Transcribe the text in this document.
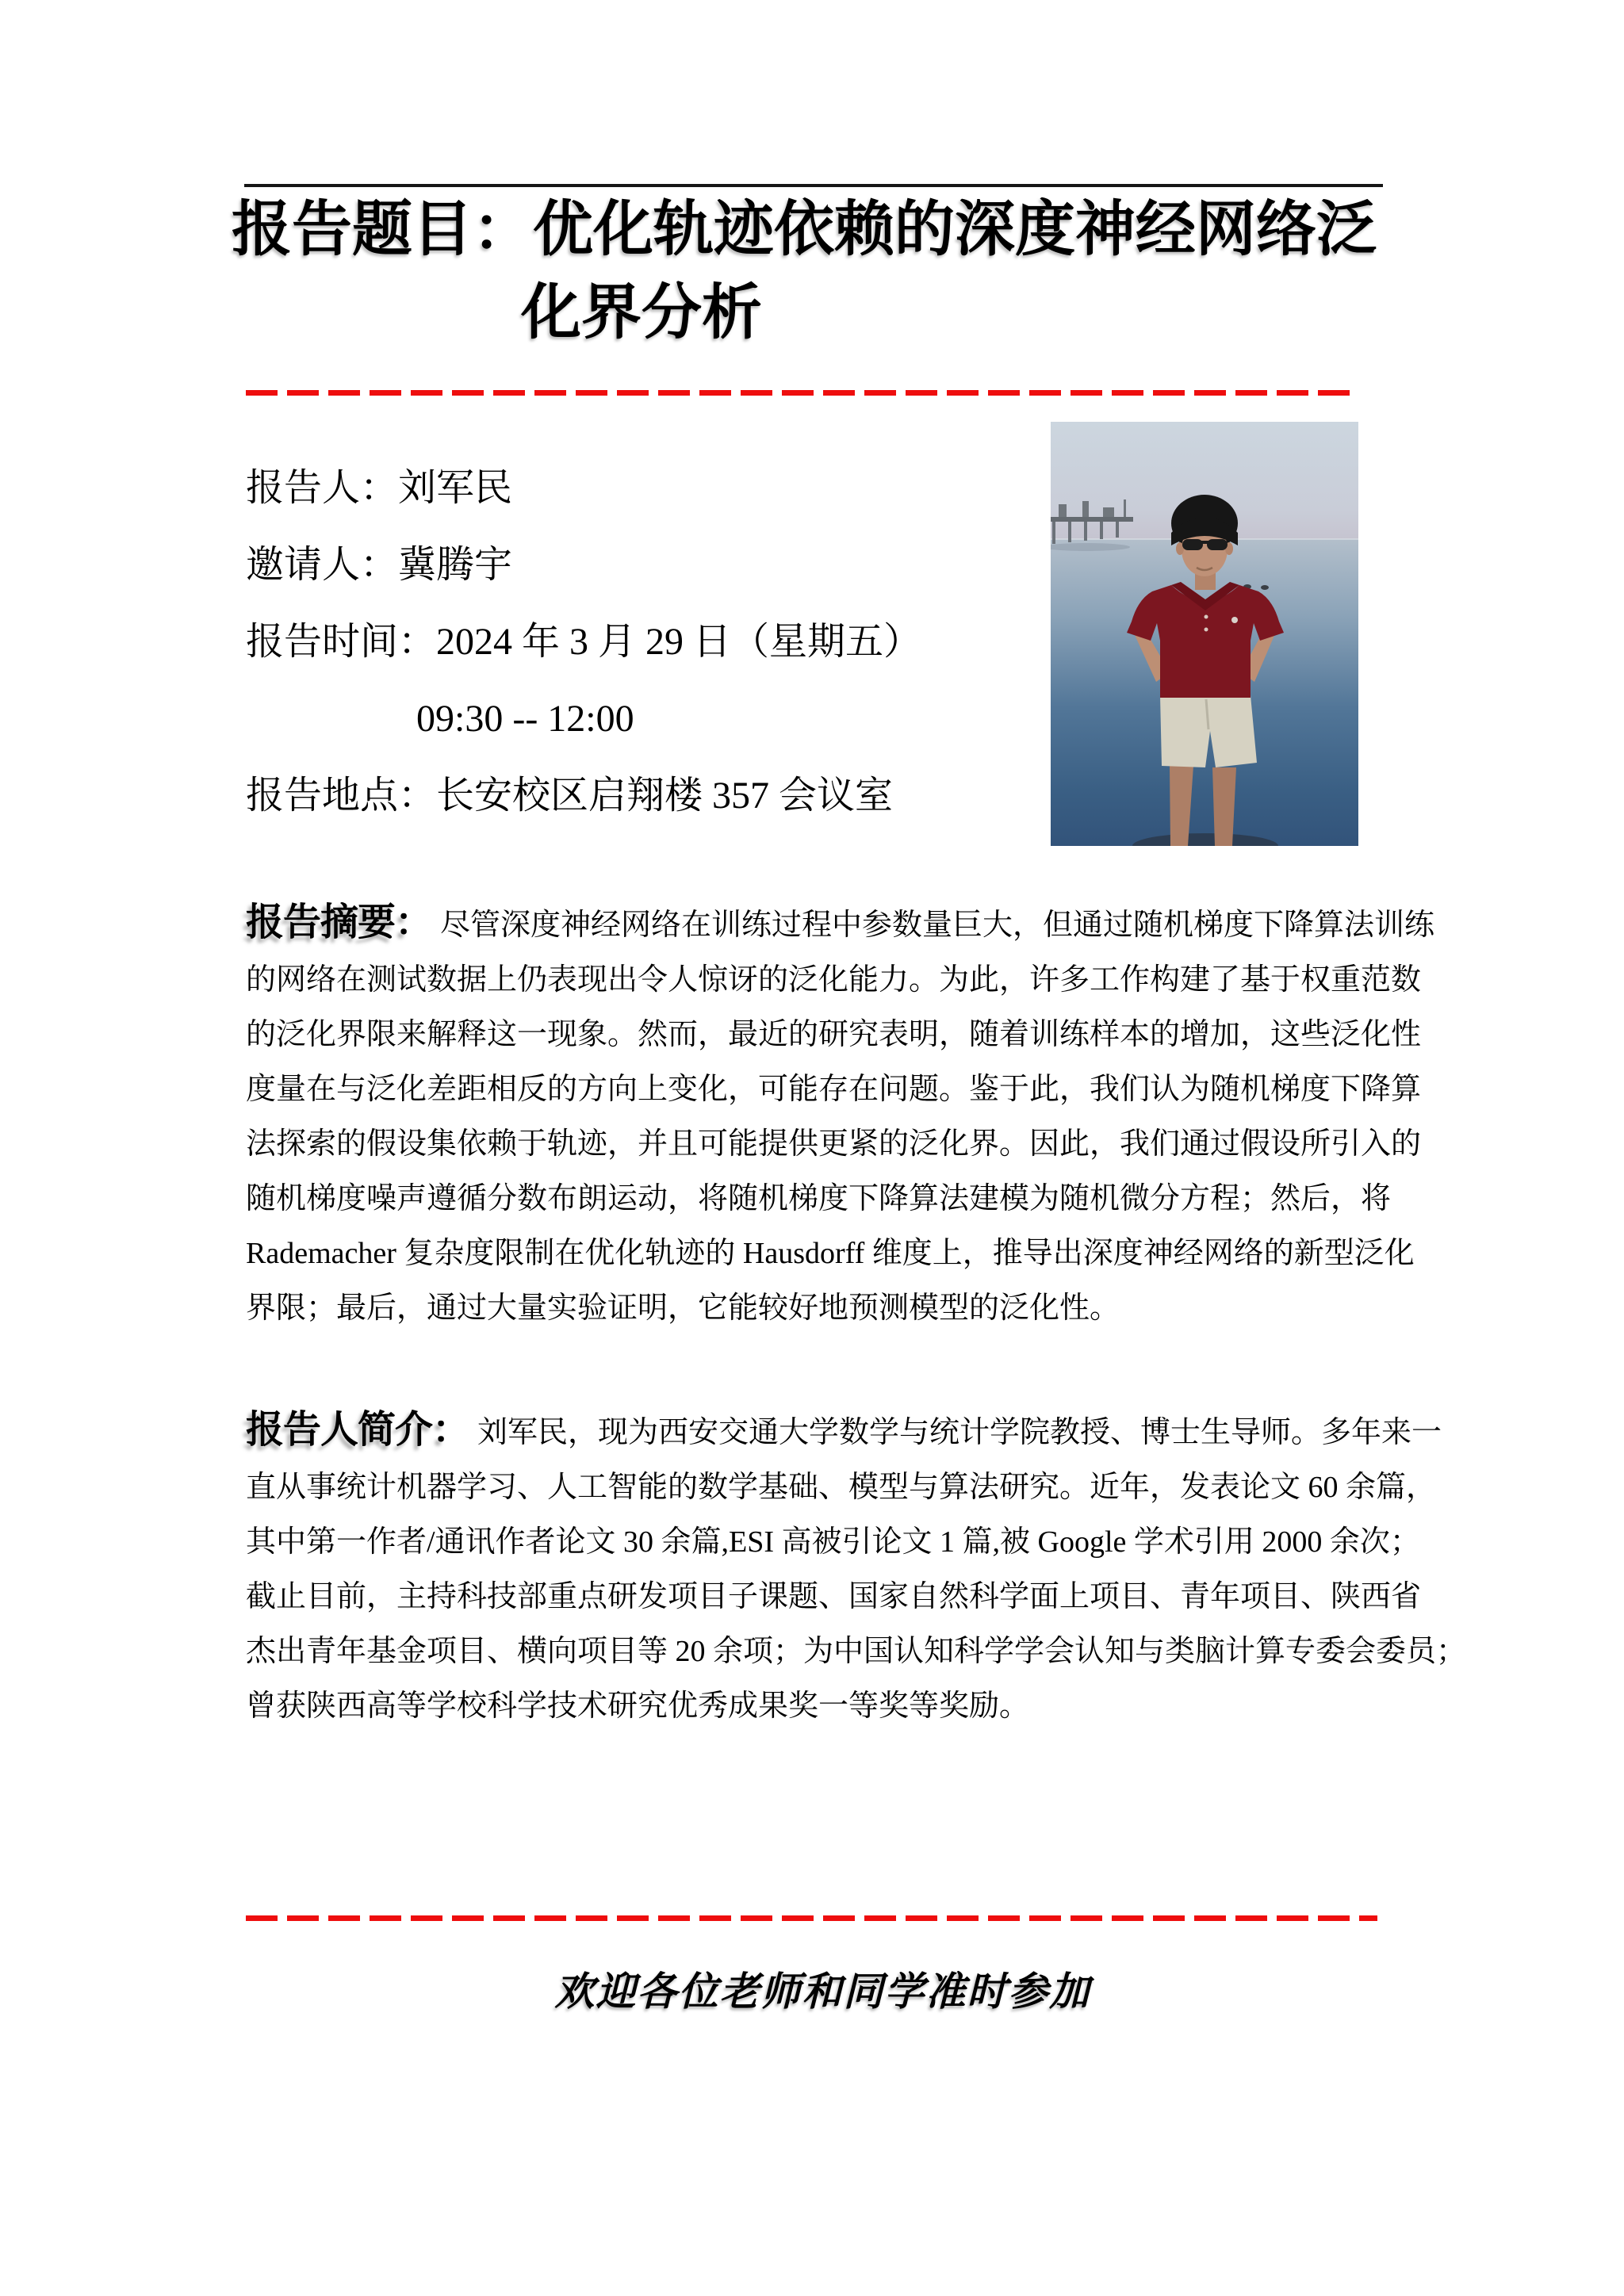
报告题目：优化轨迹依赖的深度神经网络泛
化界分析
报告人：刘军民
邀请人：冀腾宇
报告时间：2024 年 3 月 29 日（星期五）
09:30 -- 12:00
报告地点：长安校区启翔楼 357 会议室
报告摘要： 尽管深度神经网络在训练过程中参数量巨大，但通过随机梯度下降算法训练
的网络在测试数据上仍表现出令人惊讶的泛化能力。为此，许多工作构建了基于权重范数
的泛化界限来解释这一现象。然而，最近的研究表明，随着训练样本的增加，这些泛化性
度量在与泛化差距相反的方向上变化，可能存在问题。鉴于此，我们认为随机梯度下降算
法探索的假设集依赖于轨迹，并且可能提供更紧的泛化界。因此，我们通过假设所引入的
随机梯度噪声遵循分数布朗运动，将随机梯度下降算法建模为随机微分方程；然后，将
Rademacher 复杂度限制在优化轨迹的 Hausdorff 维度上，推导出深度神经网络的新型泛化
界限；最后，通过大量实验证明，它能较好地预测模型的泛化性。
报告人简介： 刘军民，现为西安交通大学数学与统计学院教授、博士生导师。多年来一
直从事统计机器学习、人工智能的数学基础、模型与算法研究。近年，发表论文 60 余篇，
其中第一作者/通讯作者论文 30 余篇,ESI 高被引论文 1 篇,被 Google 学术引用 2000 余次；
截止目前，主持科技部重点研发项目子课题、国家自然科学面上项目、青年项目、陕西省
杰出青年基金项目、横向项目等 20 余项；为中国认知科学学会认知与类脑计算专委会委员；
曾获陕西高等学校科学技术研究优秀成果奖一等奖等奖励。
欢迎各位老师和同学准时参加
